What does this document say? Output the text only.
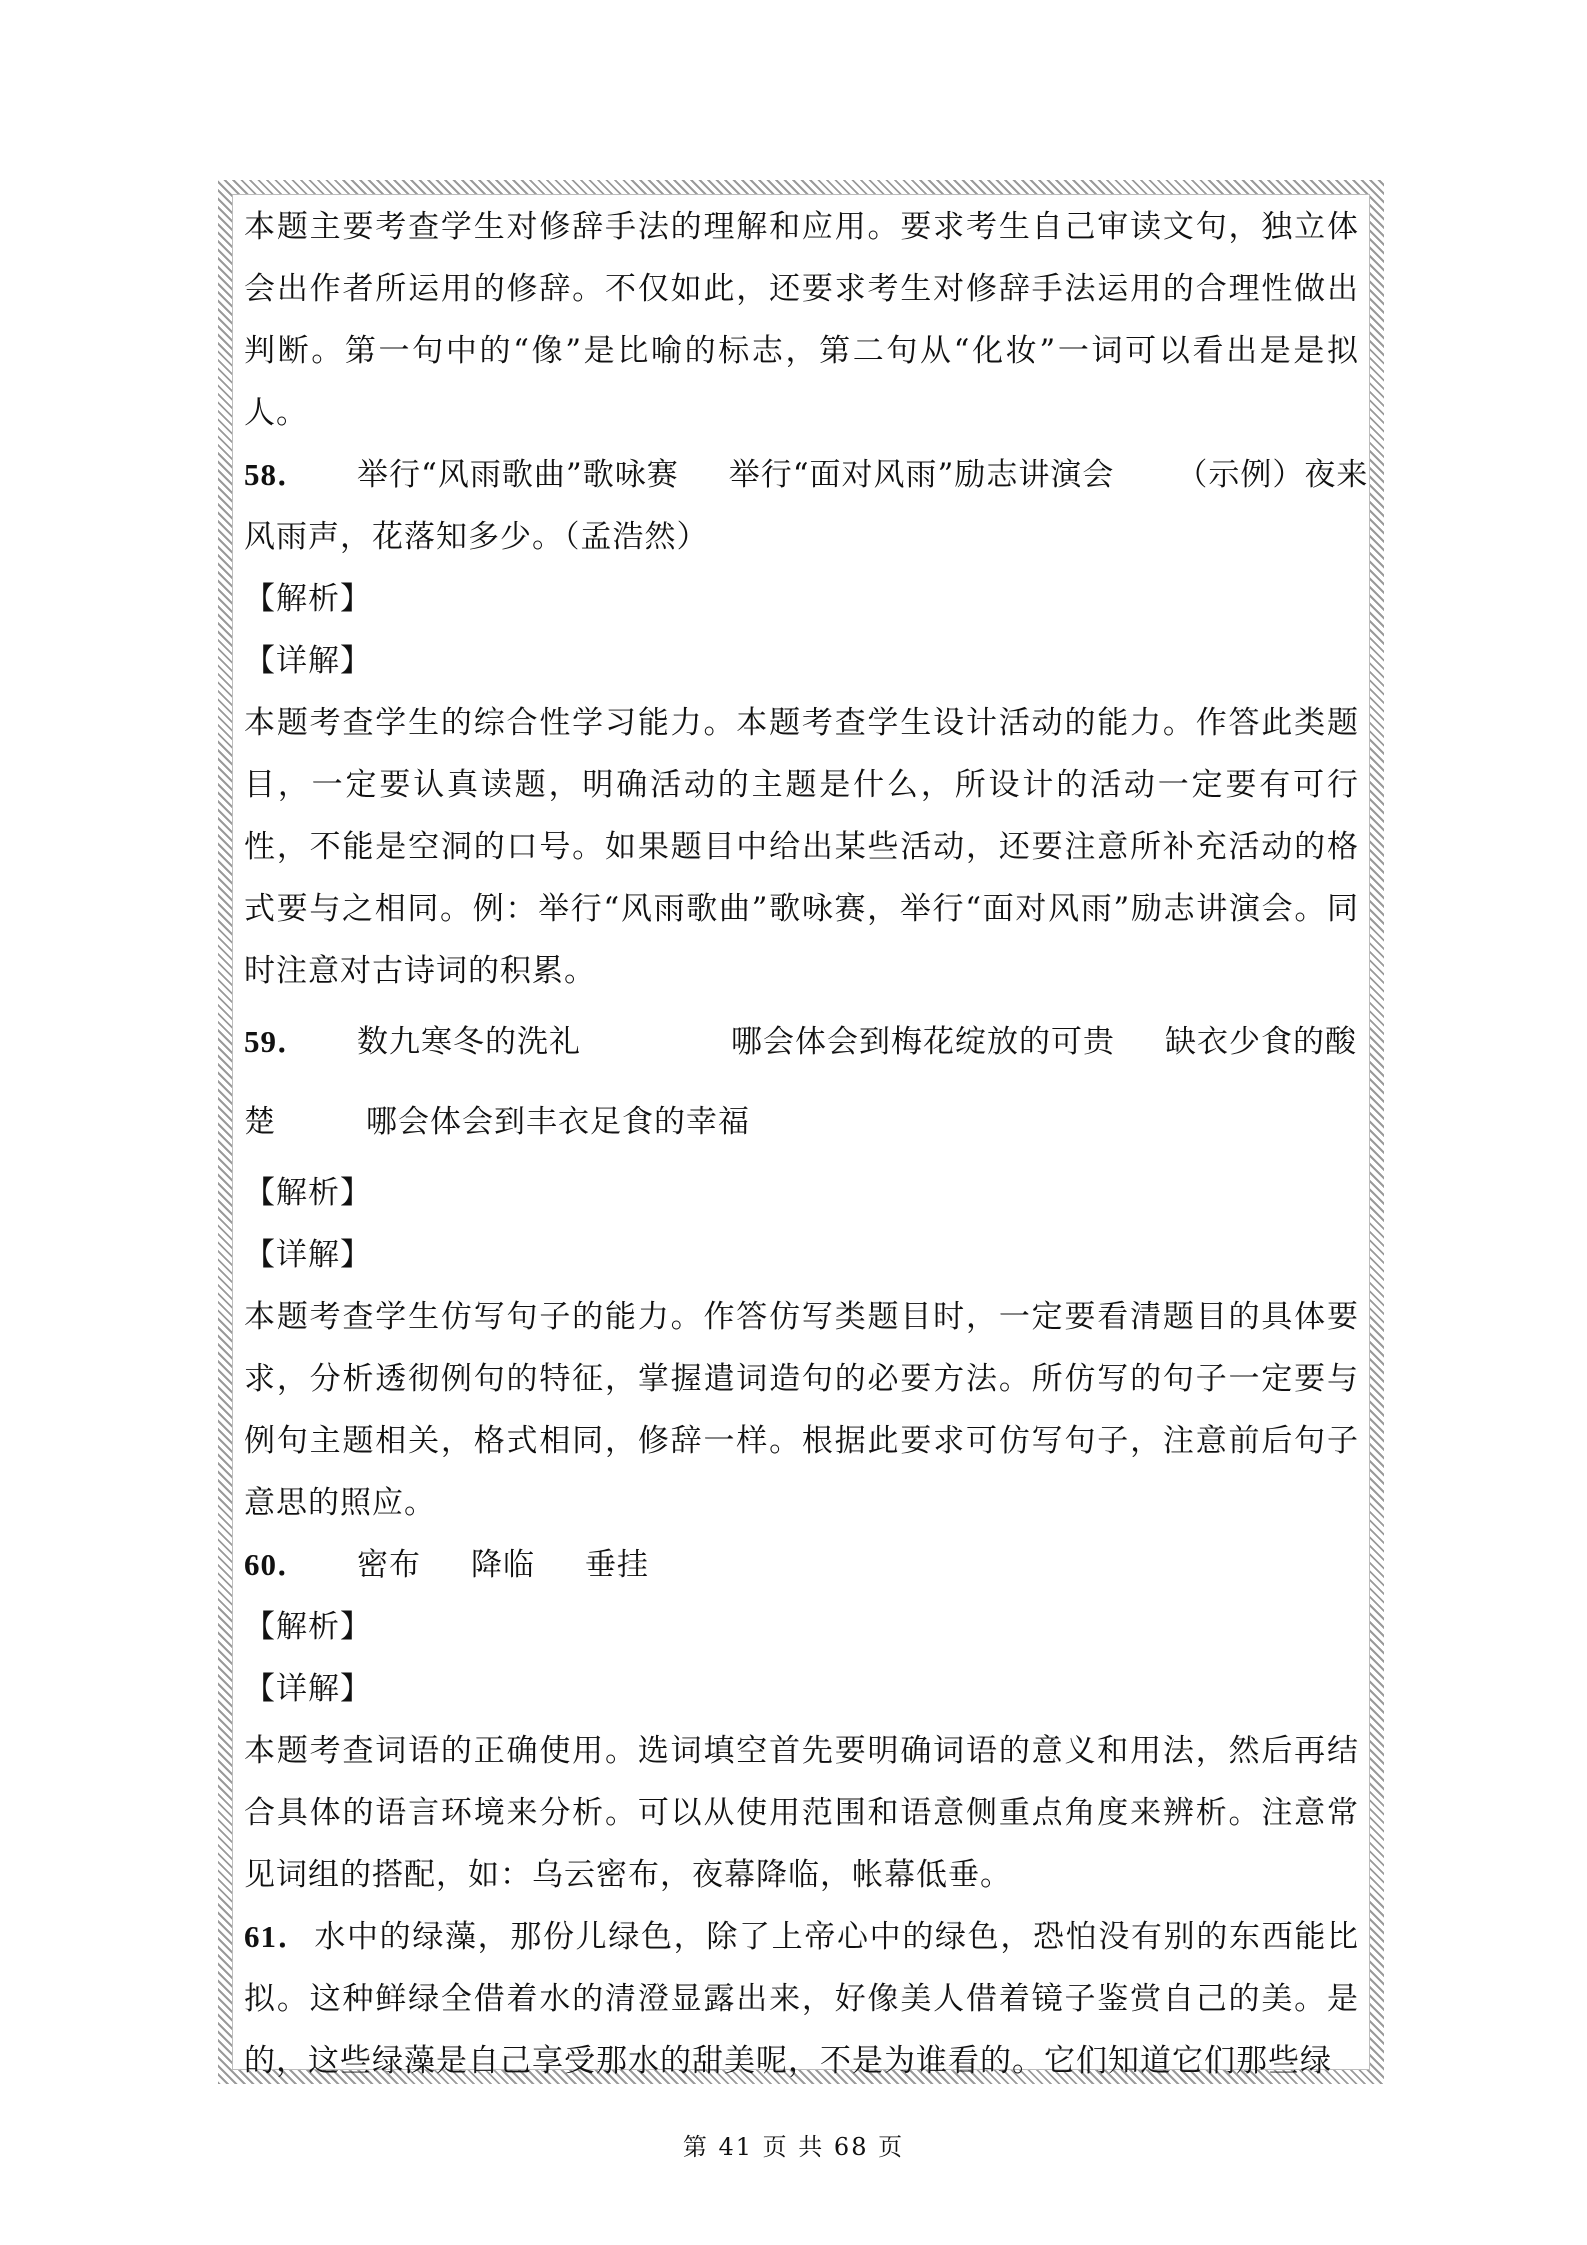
本题主要考查学生对修辞手法的理解和应用。要求考生自己审读文句，独立体会出作者所运用的修辞。不仅如此，还要求考生对修辞手法运用的合理性做出判断。第一句中的“像”是比喻的标志，第二句从“化妆”一词可以看出是是拟人。

58． 举行“风雨歌曲”歌咏赛 举行“面对风雨”励志讲演会 （示例）夜来

风雨声，花落知多少。（孟浩然）

【解析】

【详解】

本题考查学生的综合性学习能力。本题考查学生设计活动的能力。作答此类题目，一定要认真读题，明确活动的主题是什么，所设计的活动一定要有可行性，不能是空洞的口号。如果题目中给出某些活动，还要注意所补充活动的格式要与之相同。例：举行“风雨歌曲”歌咏赛，举行“面对风雨”励志讲演会。同时注意对古诗词的积累。

59． 数九寒冬的洗礼	哪会体会到梅花绽放的可贵 缺衣少食的酸

楚	哪会体会到丰衣足食的幸福

【解析】

【详解】

本题考查学生仿写句子的能力。作答仿写类题目时，一定要看清题目的具体要求，分析透彻例句的特征，掌握遣词造句的必要方法。所仿写的句子一定要与例句主题相关，格式相同，修辞一样。根据此要求可仿写句子，注意前后句子意思的照应。

60． 密布 降临 垂挂

【解析】

【详解】

本题考查词语的正确使用。选词填空首先要明确词语的意义和用法，然后再结合具体的语言环境来分析。可以从使用范围和语意侧重点角度来辨析。注意常见词组的搭配，如：乌云密布，夜幕降临，帐幕低垂。

61． 水中的绿藻，那份儿绿色，除了上帝心中的绿色，恐怕没有别的东西能比拟。这种鲜绿全借着水的清澄显露出来，好像美人借着镜子鉴赏自己的美。是的，这些绿藻是自己享受那水的甜美呢，不是为谁看的。它们知道它们那些绿

第 41 页 共 68 页
